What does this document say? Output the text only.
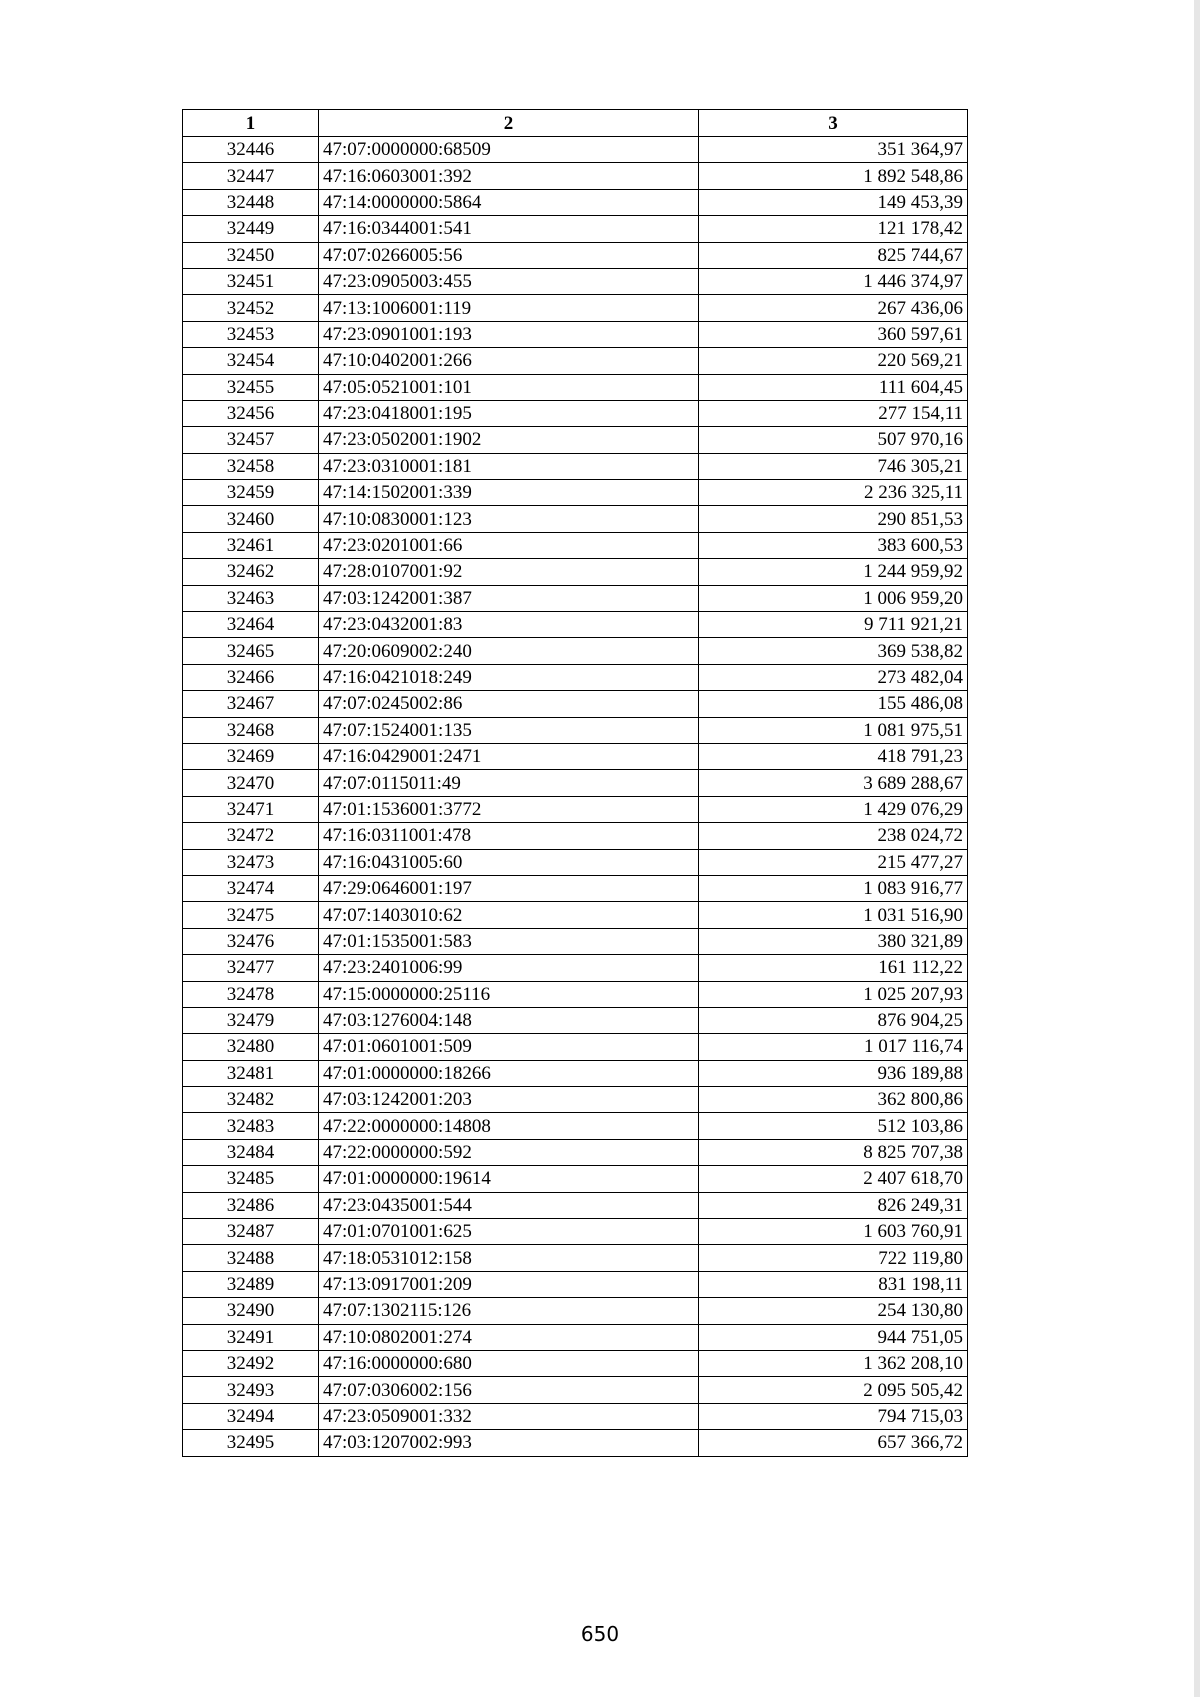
1	2	3
32446	47:07:0000000:68509	351 364,97
32447	47:16:0603001:392	1 892 548,86
32448	47:14:0000000:5864	149 453,39
32449	47:16:0344001:541	121 178,42
32450	47:07:0266005:56	825 744,67
32451	47:23:0905003:455	1 446 374,97
32452	47:13:1006001:119	267 436,06
32453	47:23:0901001:193	360 597,61
32454	47:10:0402001:266	220 569,21
32455	47:05:0521001:101	111 604,45
32456	47:23:0418001:195	277 154,11
32457	47:23:0502001:1902	507 970,16
32458	47:23:0310001:181	746 305,21
32459	47:14:1502001:339	2 236 325,11
32460	47:10:0830001:123	290 851,53
32461	47:23:0201001:66	383 600,53
32462	47:28:0107001:92	1 244 959,92
32463	47:03:1242001:387	1 006 959,20
32464	47:23:0432001:83	9 711 921,21
32465	47:20:0609002:240	369 538,82
32466	47:16:0421018:249	273 482,04
32467	47:07:0245002:86	155 486,08
32468	47:07:1524001:135	1 081 975,51
32469	47:16:0429001:2471	418 791,23
32470	47:07:0115011:49	3 689 288,67
32471	47:01:1536001:3772	1 429 076,29
32472	47:16:0311001:478	238 024,72
32473	47:16:0431005:60	215 477,27
32474	47:29:0646001:197	1 083 916,77
32475	47:07:1403010:62	1 031 516,90
32476	47:01:1535001:583	380 321,89
32477	47:23:2401006:99	161 112,22
32478	47:15:0000000:25116	1 025 207,93
32479	47:03:1276004:148	876 904,25
32480	47:01:0601001:509	1 017 116,74
32481	47:01:0000000:18266	936 189,88
32482	47:03:1242001:203	362 800,86
32483	47:22:0000000:14808	512 103,86
32484	47:22:0000000:592	8 825 707,38
32485	47:01:0000000:19614	2 407 618,70
32486	47:23:0435001:544	826 249,31
32487	47:01:0701001:625	1 603 760,91
32488	47:18:0531012:158	722 119,80
32489	47:13:0917001:209	831 198,11
32490	47:07:1302115:126	254 130,80
32491	47:10:0802001:274	944 751,05
32492	47:16:0000000:680	1 362 208,10
32493	47:07:0306002:156	2 095 505,42
32494	47:23:0509001:332	794 715,03
32495	47:03:1207002:993	657 366,72
650
